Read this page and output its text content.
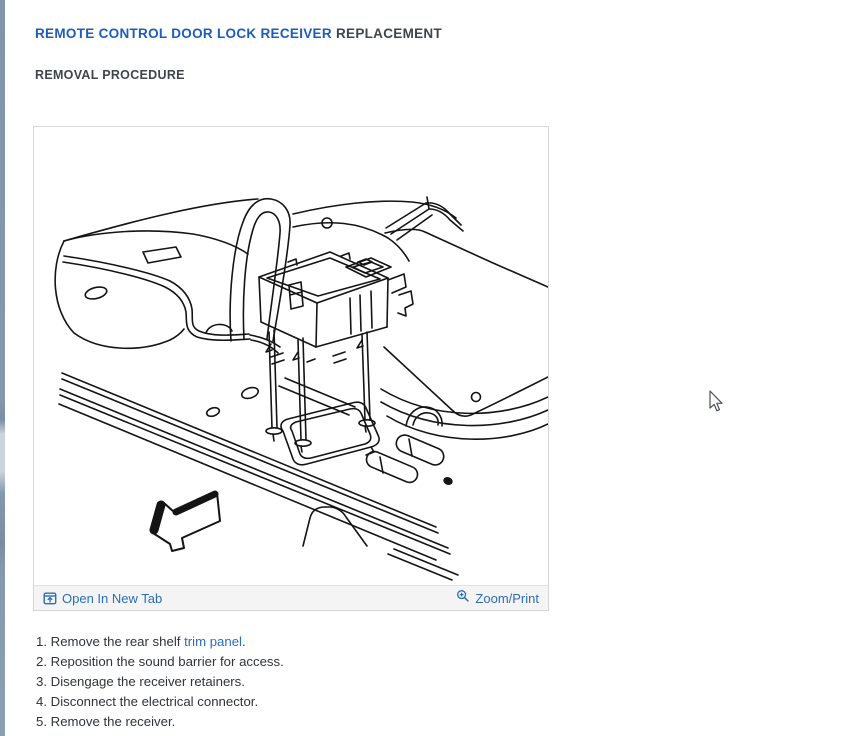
REMOTE CONTROL DOOR LOCK RECEIVER REPLACEMENT
REMOVAL PROCEDURE
Open In New Tab	Zoom/Print
1. Remove the rear shelf trim panel.
2. Reposition the sound barrier for access.
3. Disengage the receiver retainers.
4. Disconnect the electrical connector.
5. Remove the receiver.
